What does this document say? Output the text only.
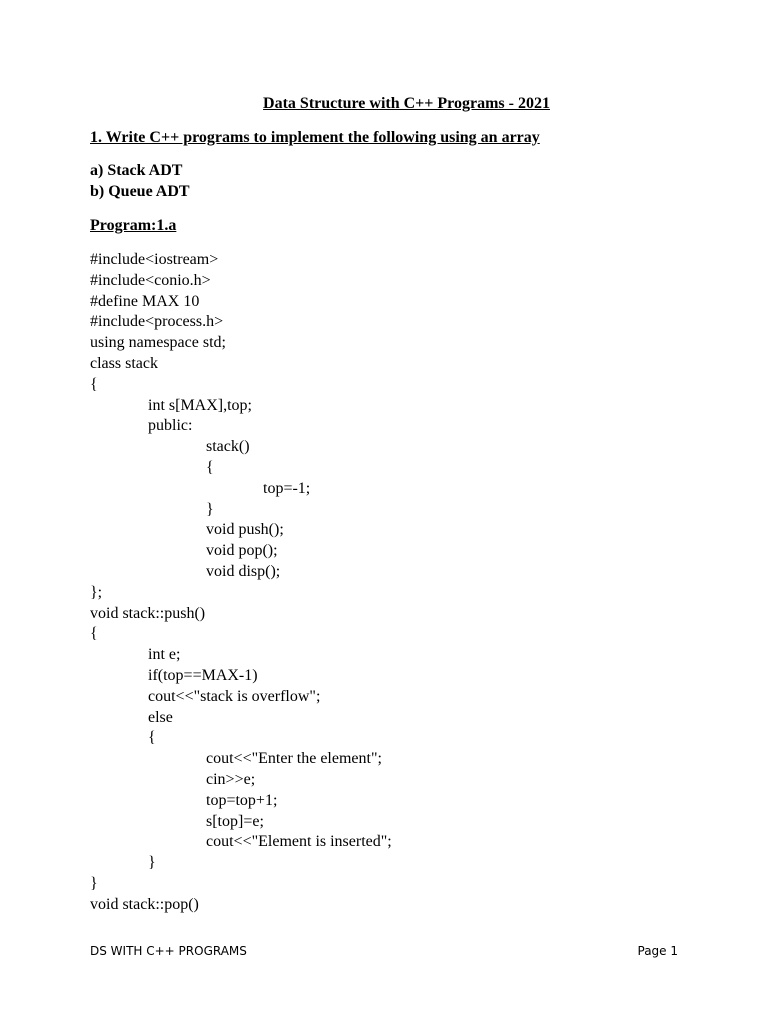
Data Structure with C++ Programs - 2021
1. Write C++ programs to implement the following using an array
a) Stack ADT
b) Queue ADT
Program:1.a
#include<iostream>
#include<conio.h>
#define MAX 10
#include<process.h>
using namespace std;
class stack
{
int s[MAX],top;
public:
stack()
{
top=-1;
}
void push();
void pop();
void disp();
};
void stack::push()
{
int e;
if(top==MAX-1)
cout<<"stack is overflow";
else
{
cout<<"Enter the element";
cin>>e;
top=top+1;
s[top]=e;
cout<<"Element is inserted";
}
}
void stack::pop()
DS WITH C++ PROGRAMS	Page 1
